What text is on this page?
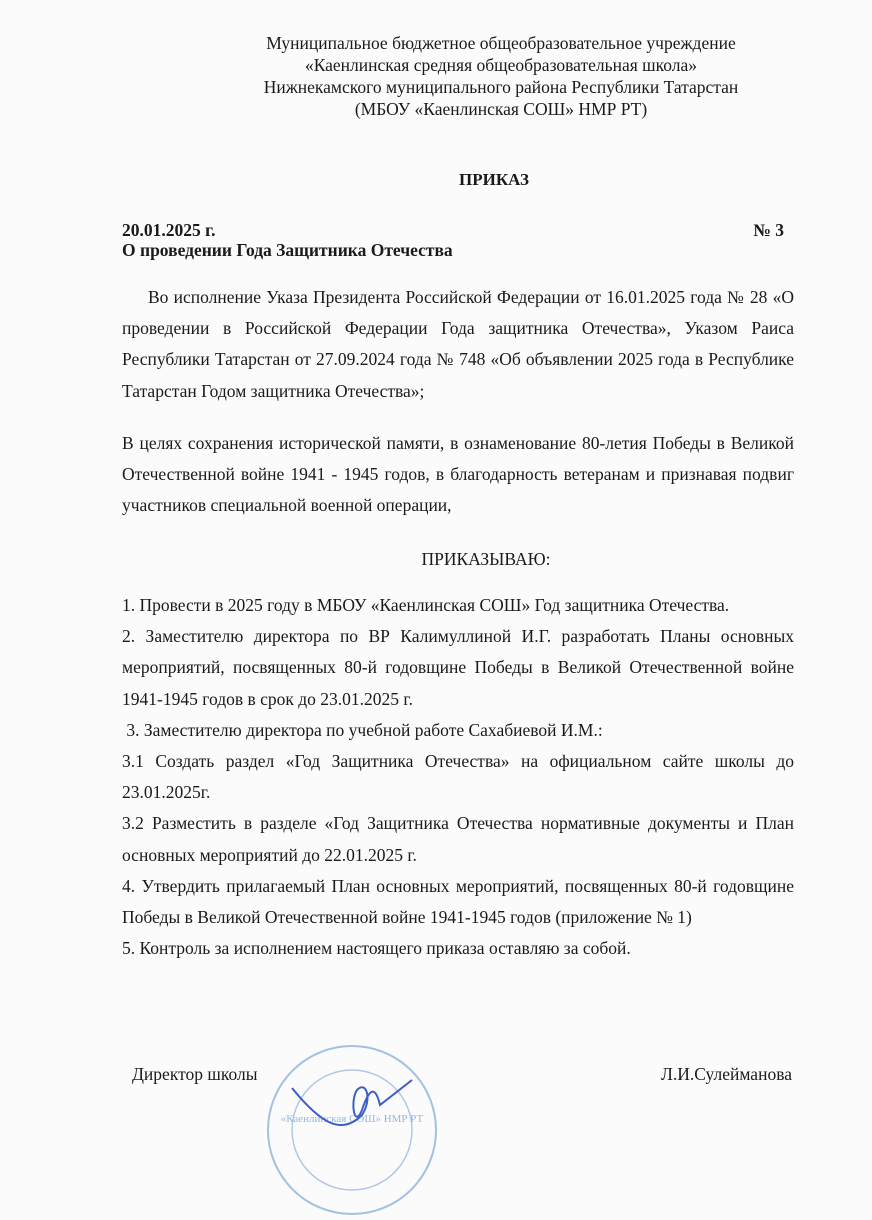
Муниципальное бюджетное общеобразовательное учреждение
«Каенлинская средняя общеобразовательная школа»
Нижнекамского муниципального района Республики Татарстан
(МБОУ «Каенлинская СОШ» НМР РТ)
ПРИКАЗ
20.01.2025 г.	№ 3
О проведении Года Защитника Отечества
Во исполнение Указа Президента Российской Федерации от 16.01.2025 года № 28 «О проведении в Российской Федерации Года защитника Отечества», Указом Раиса Республики Татарстан от 27.09.2024 года № 748 «Об объявлении 2025 года в Республике Татарстан Годом защитника Отечества»;
В целях сохранения исторической памяти, в ознаменование 80-летия Победы в Великой Отечественной войне 1941 - 1945 годов, в благодарность ветеранам и признавая подвиг участников специальной военной операции,
ПРИКАЗЫВАЮ:

1. Провести в 2025 году в МБОУ «Каенлинская СОШ» Год защитника Отечества.

2. Заместителю директора по ВР Калимуллиной И.Г. разработать Планы основных мероприятий, посвященных 80-й годовщине Победы в Великой Отечественной войне 1941-1945 годов в срок до 23.01.2025 г.

3. Заместителю директора по учебной работе Сахабиевой И.М.:

3.1 Создать раздел «Год Защитника Отечества» на официальном сайте школы до 23.01.2025г.

3.2 Разместить в разделе «Год Защитника Отечества нормативные документы и План основных мероприятий до 22.01.2025 г.

4. Утвердить прилагаемый План основных мероприятий, посвященных 80-й годовщине Победы в Великой Отечественной войне 1941-1945 годов (приложение № 1)

5. Контроль за исполнением настоящего приказа оставляю за собой.

«Каенлинская СОШ» НМР РТ
Директор школы	Л.И.Сулейманова
